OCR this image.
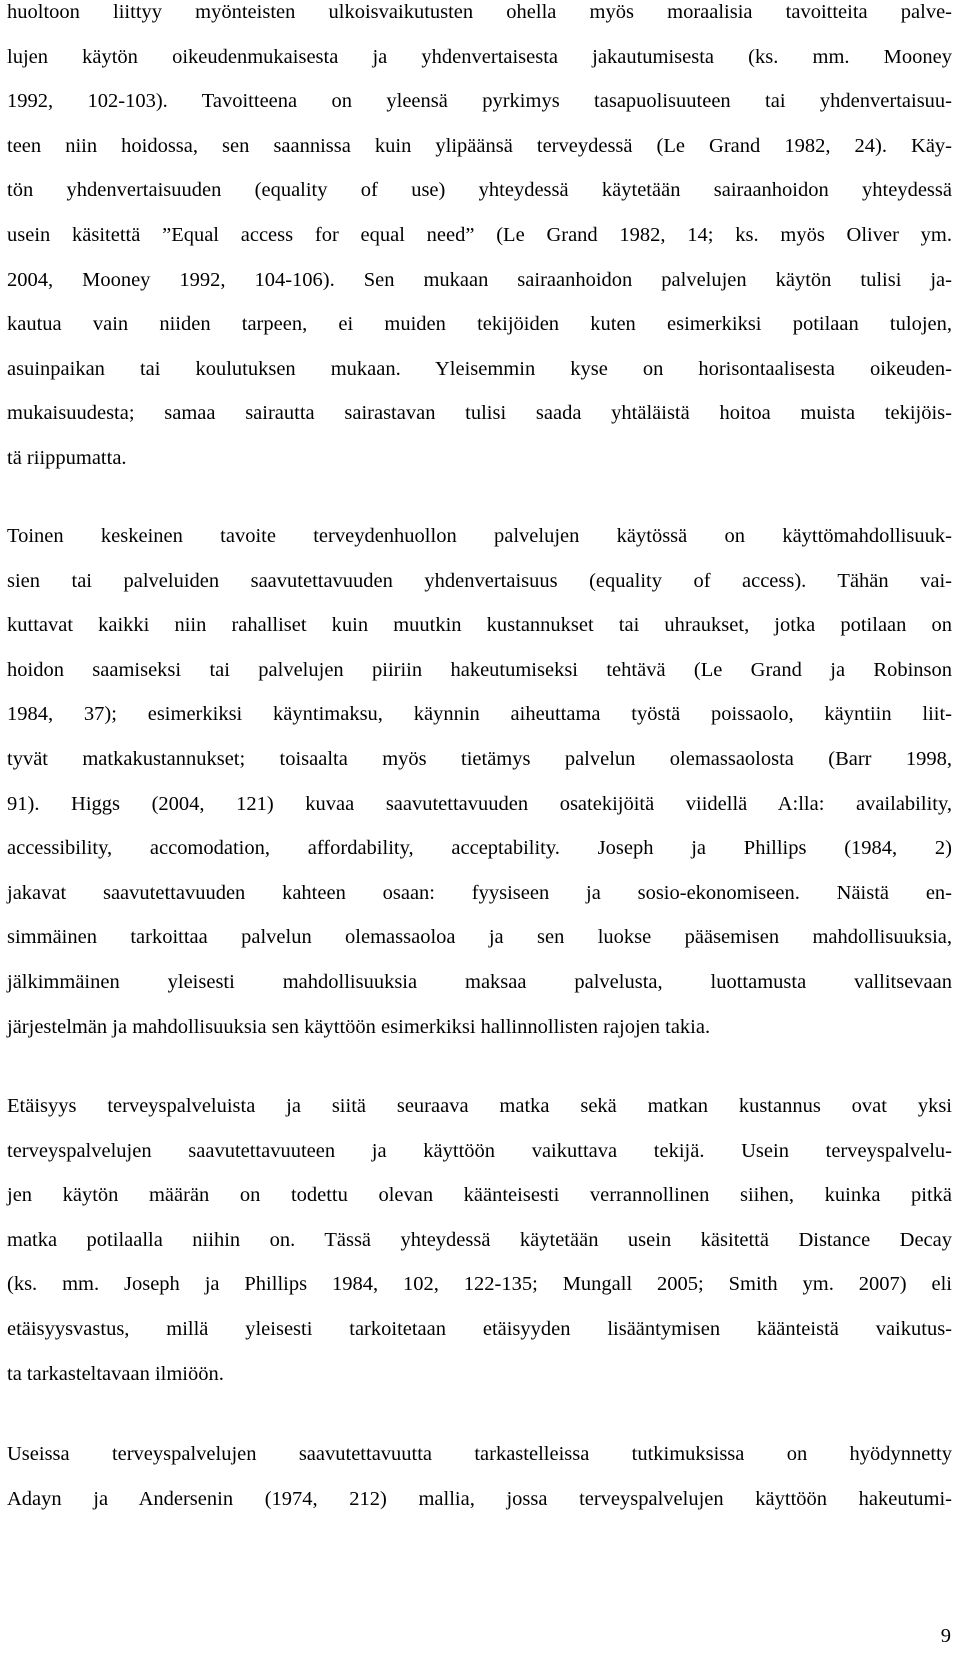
huoltoon liittyy myönteisten ulkoisvaikutusten ohella myös moraalisia tavoitteita palve-
lujen käytön oikeudenmukaisesta ja yhdenvertaisesta jakautumisesta (ks. mm. Mooney
1992, 102-103). Tavoitteena on yleensä pyrkimys tasapuolisuuteen tai yhdenvertaisuu-
teen niin hoidossa, sen saannissa kuin ylipäänsä terveydessä (Le Grand 1982, 24). Käy-
tön yhdenvertaisuuden (equality of use) yhteydessä käytetään sairaanhoidon yhteydessä
usein käsitettä ”Equal access for equal need” (Le Grand 1982, 14; ks. myös Oliver ym.
2004, Mooney 1992, 104-106). Sen mukaan sairaanhoidon palvelujen käytön tulisi ja-
kautua vain niiden tarpeen, ei muiden tekijöiden kuten esimerkiksi potilaan tulojen,
asuinpaikan tai koulutuksen mukaan. Yleisemmin kyse on horisontaalisesta oikeuden-
mukaisuudesta; samaa sairautta sairastavan tulisi saada yhtäläistä hoitoa muista tekijöis-
tä riippumatta.

Toinen keskeinen tavoite terveydenhuollon palvelujen käytössä on käyttömahdollisuuk-
sien tai palveluiden saavutettavuuden yhdenvertaisuus (equality of access). Tähän vai-
kuttavat kaikki niin rahalliset kuin muutkin kustannukset tai uhraukset, jotka potilaan on
hoidon saamiseksi tai palvelujen piiriin hakeutumiseksi tehtävä (Le Grand ja Robinson
1984, 37); esimerkiksi käyntimaksu, käynnin aiheuttama työstä poissaolo, käyntiin liit-
tyvät matkakustannukset; toisaalta myös tietämys palvelun olemassaolosta (Barr 1998,
91). Higgs (2004, 121) kuvaa saavutettavuuden osatekijöitä viidellä A:lla: availability,
accessibility, accomodation, affordability, acceptability. Joseph ja Phillips (1984, 2)
jakavat saavutettavuuden kahteen osaan: fyysiseen ja sosio-ekonomiseen. Näistä en-
simmäinen tarkoittaa palvelun olemassaoloa ja sen luokse pääsemisen mahdollisuuksia,
jälkimmäinen yleisesti mahdollisuuksia maksaa palvelusta, luottamusta vallitsevaan
järjestelmän ja mahdollisuuksia sen käyttöön esimerkiksi hallinnollisten rajojen takia.

Etäisyys terveyspalveluista ja siitä seuraava matka sekä matkan kustannus ovat yksi
terveyspalvelujen saavutettavuuteen ja käyttöön vaikuttava tekijä. Usein terveyspalvelu-
jen käytön määrän on todettu olevan käänteisesti verrannollinen siihen, kuinka pitkä
matka potilaalla niihin on. Tässä yhteydessä käytetään usein käsitettä Distance Decay
(ks. mm. Joseph ja Phillips 1984, 102, 122-135; Mungall 2005; Smith ym. 2007) eli
etäisyysvastus, millä yleisesti tarkoitetaan etäisyyden lisääntymisen käänteistä vaikutus-
ta tarkasteltavaan ilmiöön.

Useissa terveyspalvelujen saavutettavuutta tarkastelleissa tutkimuksissa on hyödynnetty
Adayn ja Andersenin (1974, 212) mallia, jossa terveyspalvelujen käyttöön hakeutumi-

9
